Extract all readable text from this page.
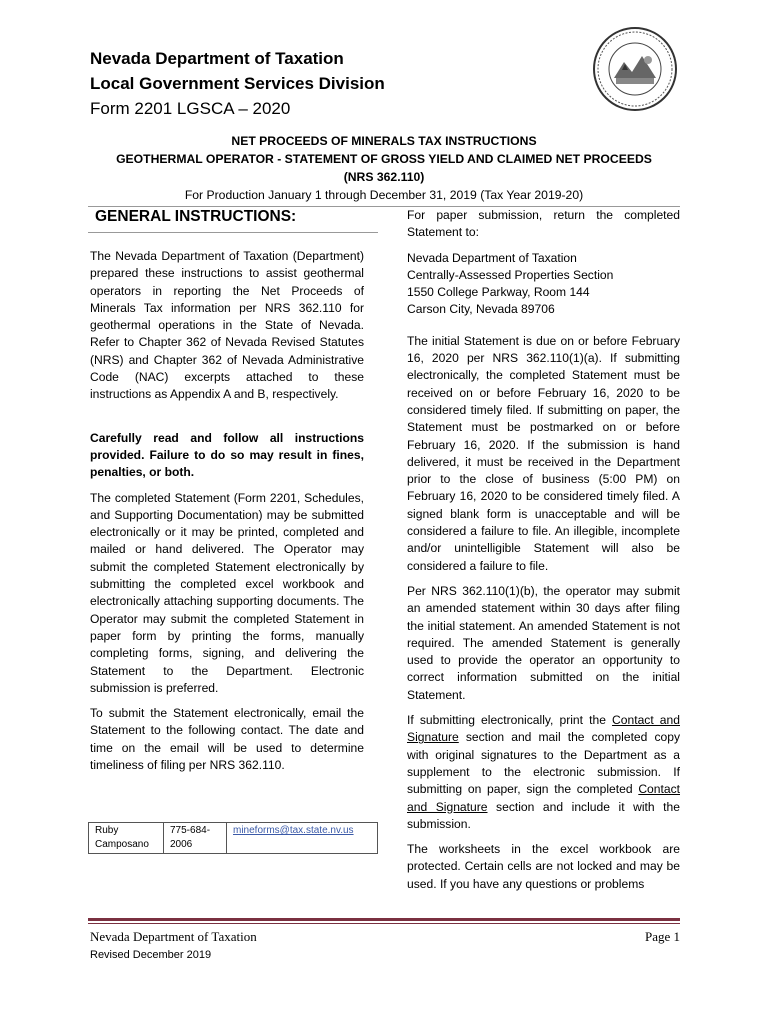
Nevada Department of Taxation
Local Government Services Division
Form 2201 LGSCA – 2020
NET PROCEEDS OF MINERALS TAX INSTRUCTIONS
GEOTHERMAL OPERATOR - STATEMENT OF GROSS YIELD AND CLAIMED NET PROCEEDS
(NRS 362.110)
For Production January 1 through December 31, 2019 (Tax Year 2019-20)
GENERAL INSTRUCTIONS:

The Nevada Department of Taxation (Department) prepared these instructions to assist geothermal operators in reporting the Net Proceeds of Minerals Tax information per NRS 362.110 for geothermal operations in the State of Nevada. Refer to Chapter 362 of Nevada Revised Statutes (NRS) and Chapter 362 of Nevada Administrative Code (NAC) excerpts attached to these instructions as Appendix A and B, respectively.

Carefully read and follow all instructions provided. Failure to do so may result in fines, penalties, or both.

The completed Statement (Form 2201, Schedules, and Supporting Documentation) may be submitted electronically or it may be printed, completed and mailed or hand delivered. The Operator may submit the completed Statement electronically by submitting the completed excel workbook and electronically attaching supporting documents. The Operator may submit the completed Statement in paper form by printing the forms, manually completing forms, signing, and delivering the Statement to the Department. Electronic submission is preferred.

To submit the Statement electronically, email the Statement to the following contact. The date and time on the email will be used to determine timeliness of filing per NRS 362.110.

Ruby Camposano	775-684-2006	mineforms@tax.state.nv.us

For paper submission, return the completed Statement to:

Nevada Department of Taxation
Centrally-Assessed Properties Section
1550 College Parkway, Room 144
Carson City, Nevada 89706

The initial Statement is due on or before February 16, 2020 per NRS 362.110(1)(a). If submitting electronically, the completed Statement must be received on or before February 16, 2020 to be considered timely filed. If submitting on paper, the Statement must be postmarked on or before February 16, 2020. If the submission is hand delivered, it must be received in the Department prior to the close of business (5:00 PM) on February 16, 2020 to be considered timely filed. A signed blank form is unacceptable and will be considered a failure to file. An illegible, incomplete and/or unintelligible Statement will also be considered a failure to file.

Per NRS 362.110(1)(b), the operator may submit an amended statement within 30 days after filing the initial statement. An amended Statement is not required. The amended Statement is generally used to provide the operator an opportunity to correct information submitted on the initial Statement.

If submitting electronically, print the Contact and Signature section and mail the completed copy with original signatures to the Department as a supplement to the electronic submission. If submitting on paper, sign the completed Contact and Signature section and include it with the submission.

The worksheets in the excel workbook are protected. Certain cells are not locked and may be used. If you have any questions or problems

Nevada Department of Taxation
Revised December 2019
Page 1
